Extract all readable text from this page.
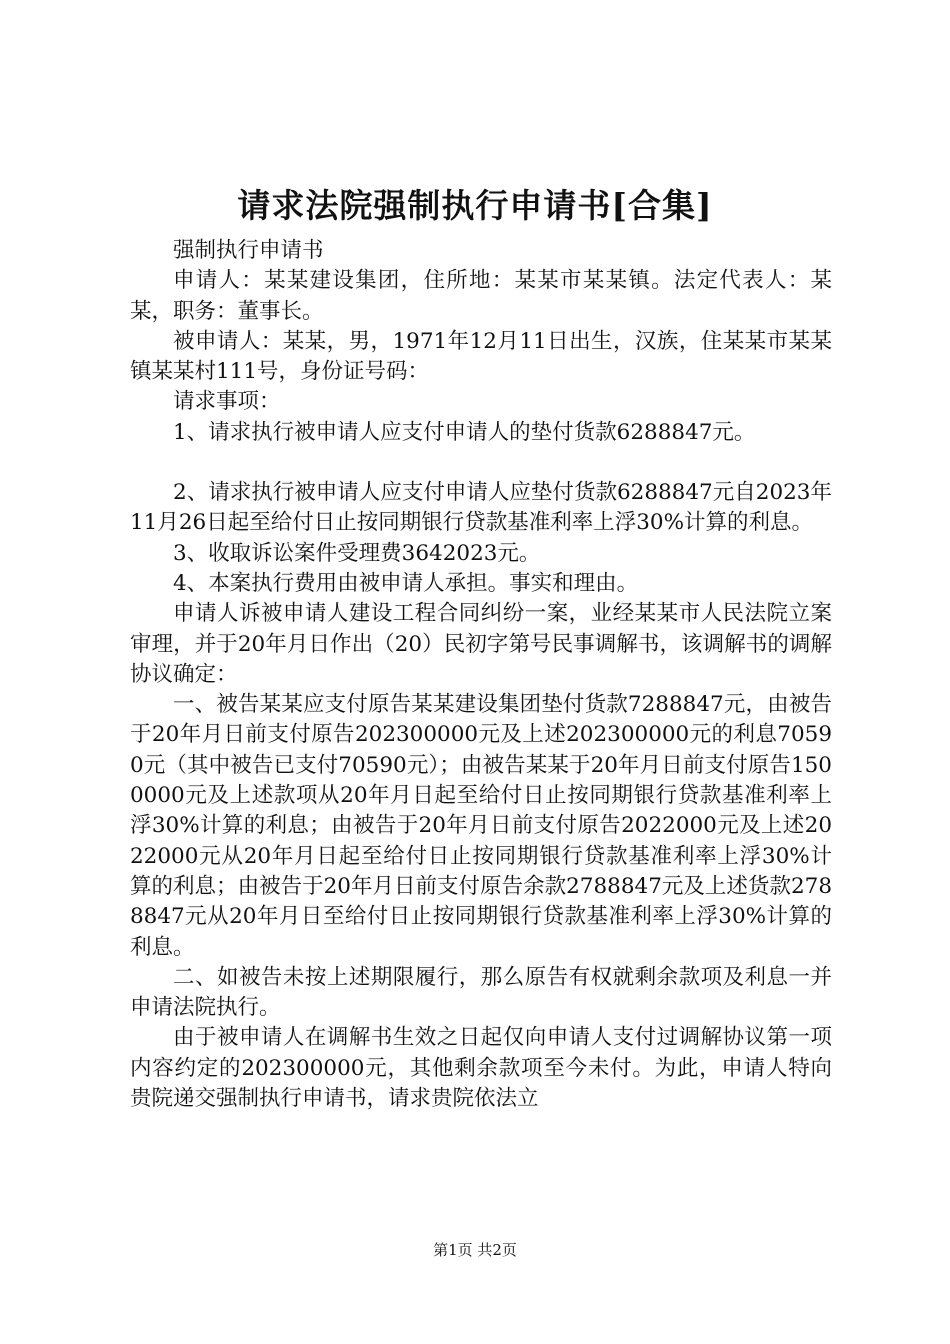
请求法院强制执行申请书[合集]

强制执行申请书

申请人：某某建设集团，住所地：某某市某某镇。法定代表人：某某，职务：董事长。

被申请人：某某，男，1971年12月11日出生，汉族，住某某市某某镇某某村111号，身份证号码：

请求事项：

1、请求执行被申请人应支付申请人的垫付货款6288847元。

2、请求执行被申请人应支付申请人应垫付货款6288847元自2023年11月26日起至给付日止按同期银行贷款基准利率上浮30%计算的利息。

3、收取诉讼案件受理费3642023元。

4、本案执行费用由被申请人承担。事实和理由。

申请人诉被申请人建设工程合同纠纷一案，业经某某市人民法院立案审理，并于20年月日作出（20）民初字第号民事调解书，该调解书的调解协议确定：

一、被告某某应支付原告某某建设集团垫付货款7288847元，由被告于20年月日前支付原告202300000元及上述202300000元的利息70590元（其中被告已支付70590元）；由被告某某于20年月日前支付原告1500000元及上述款项从20年月日起至给付日止按同期银行贷款基准利率上浮30%计算的利息；由被告于20年月日前支付原告2022000元及上述2022000元从20年月日起至给付日止按同期银行贷款基准利率上浮30%计算的利息；由被告于20年月日前支付原告余款2788847元及上述货款2788847元从20年月日至给付日止按同期银行贷款基准利率上浮30%计算的利息。

二、如被告未按上述期限履行，那么原告有权就剩余款项及利息一并申请法院执行。

由于被申请人在调解书生效之日起仅向申请人支付过调解协议第一项内容约定的202300000元，其他剩余款项至今未付。为此，申请人特向贵院递交强制执行申请书，请求贵院依法立

第1页 共2页
